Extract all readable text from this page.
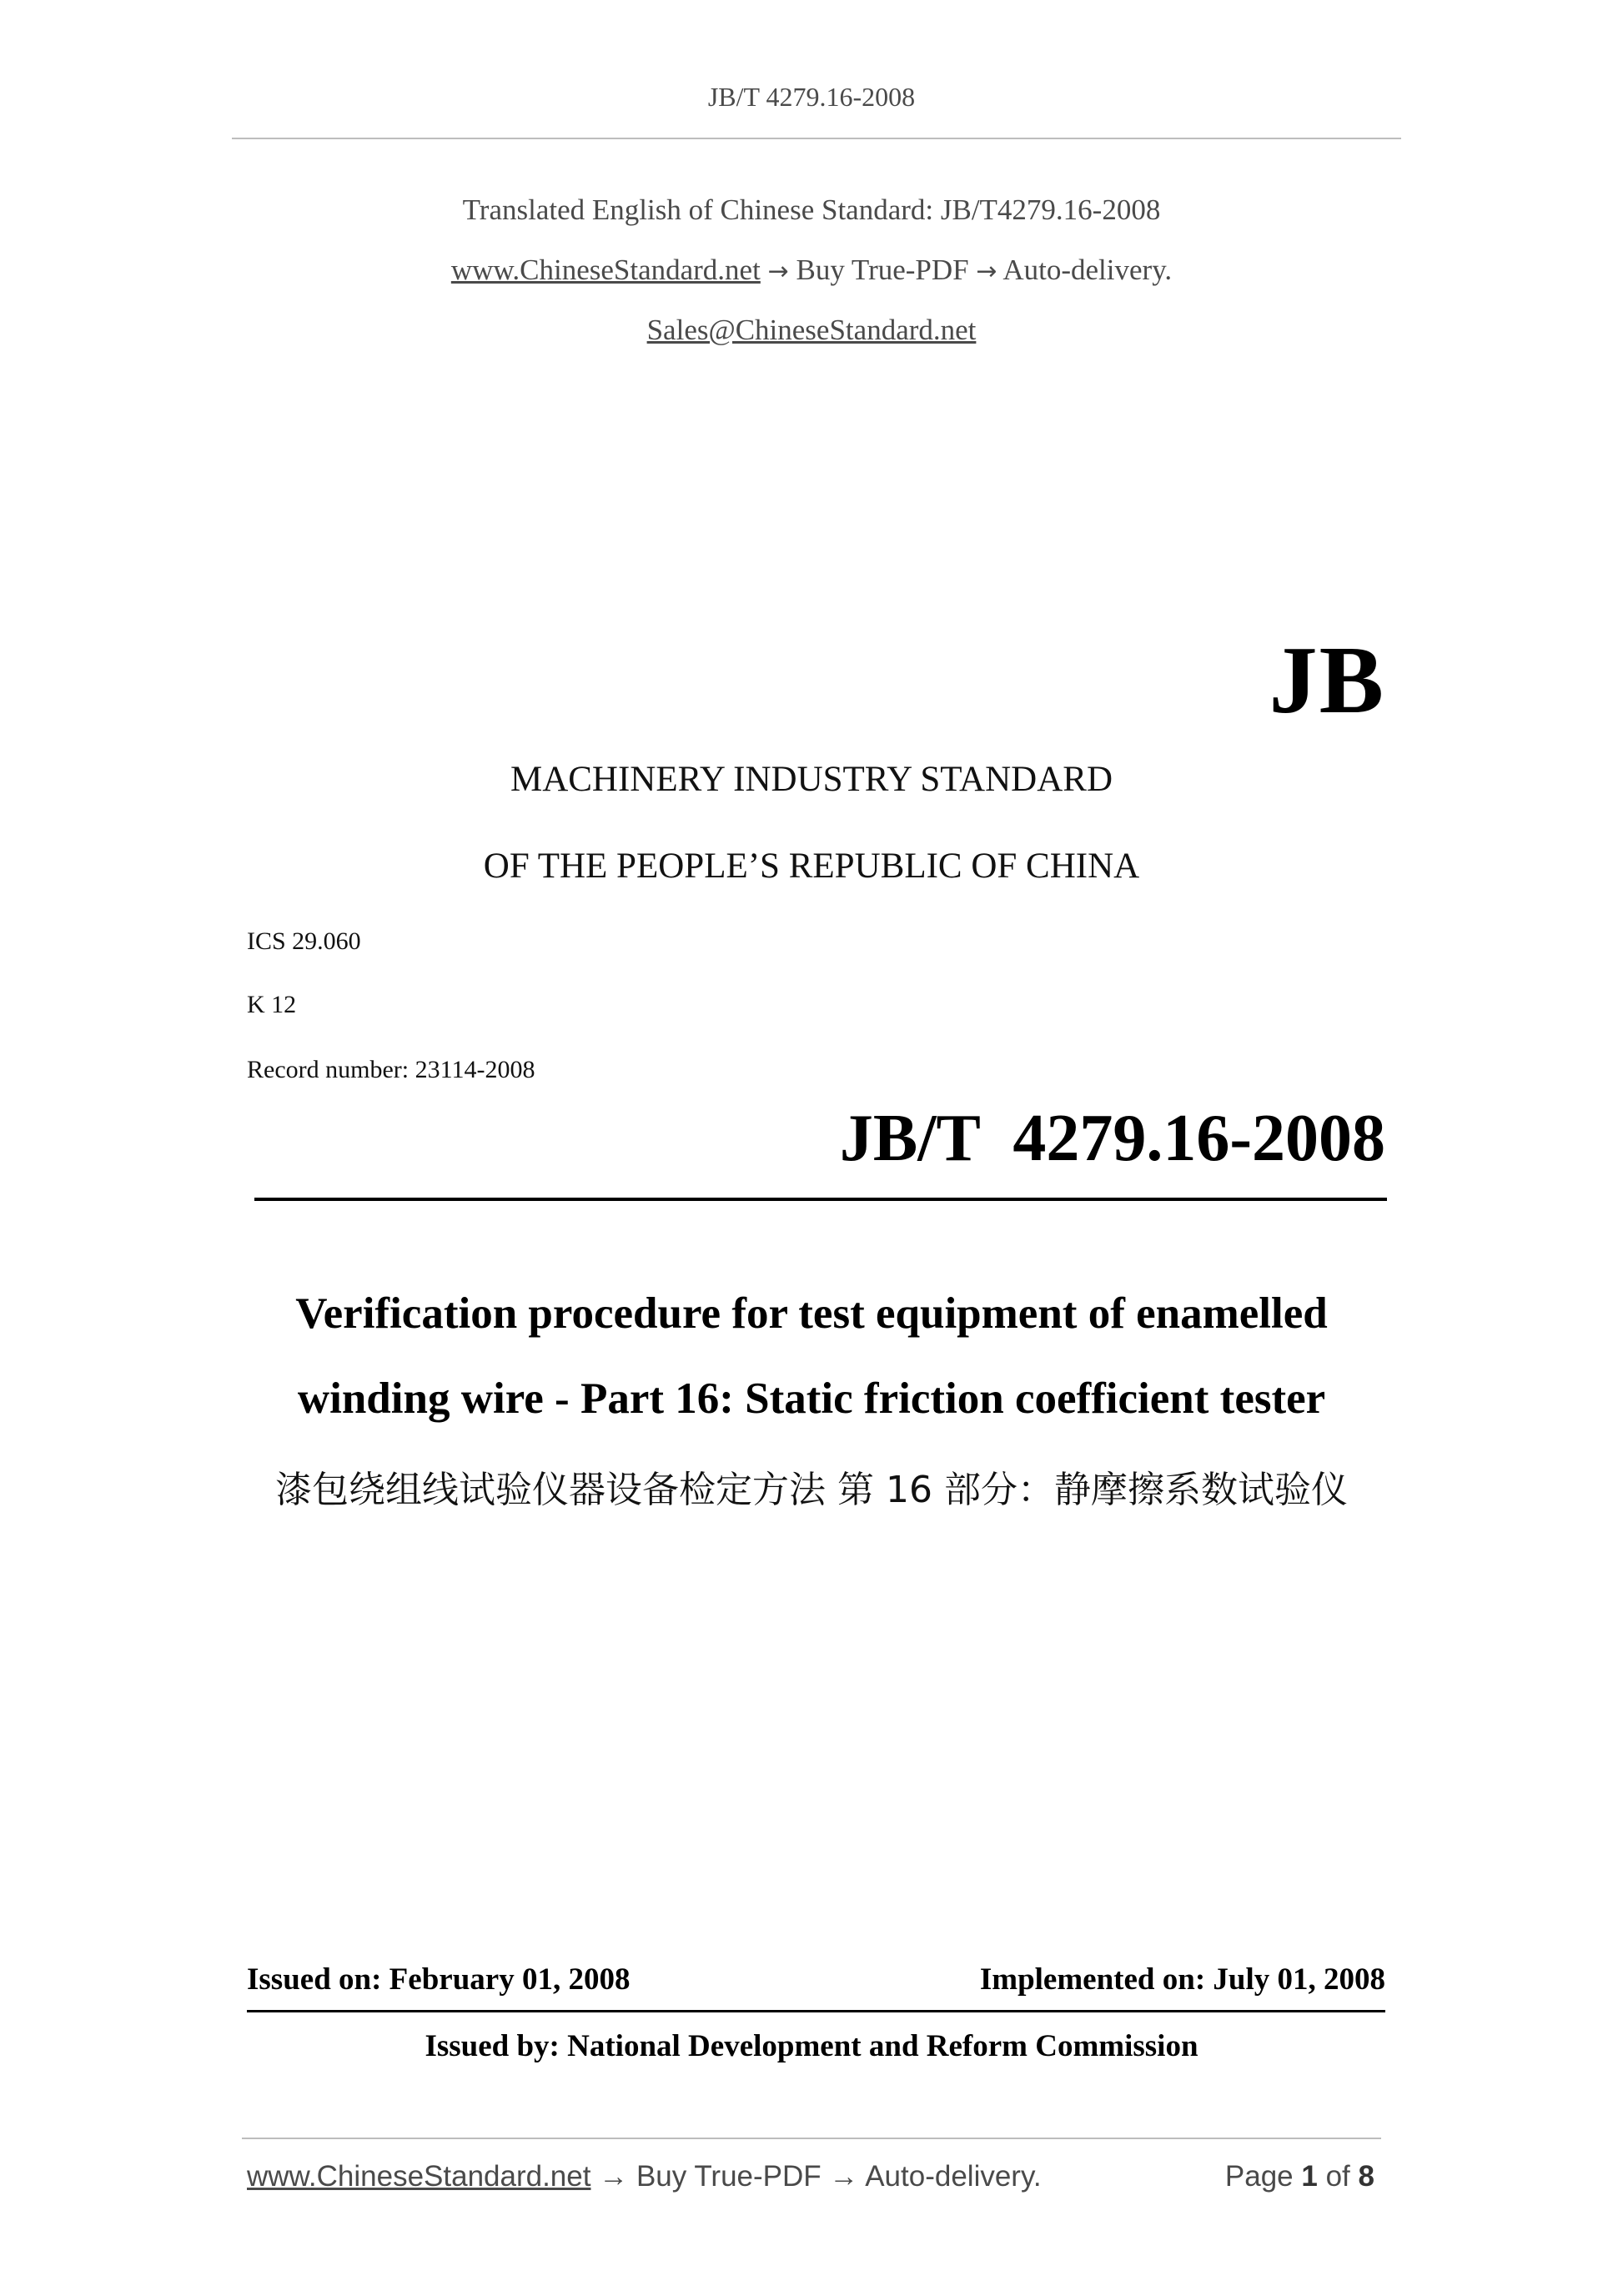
JB/T 4279.16-2008
Translated English of Chinese Standard: JB/T4279.16-2008
www.ChineseStandard.net → Buy True-PDF → Auto-delivery.
Sales@ChineseStandard.net
JB
MACHINERY INDUSTRY STANDARD
OF THE PEOPLE’S REPUBLIC OF CHINA
ICS 29.060
K 12
Record number: 23114-2008
JB/T 4279.16-2008
Verification procedure for test equipment of enamelled
winding wire - Part 16: Static friction coefficient tester
漆包绕组线试验仪器设备检定方法 第 16 部分：静摩擦系数试验仪
Issued on: February 01, 2008	Implemented on: July 01, 2008
Issued by: National Development and Reform Commission
www.ChineseStandard.net → Buy True-PDF → Auto-delivery.	Page 1 of 8
